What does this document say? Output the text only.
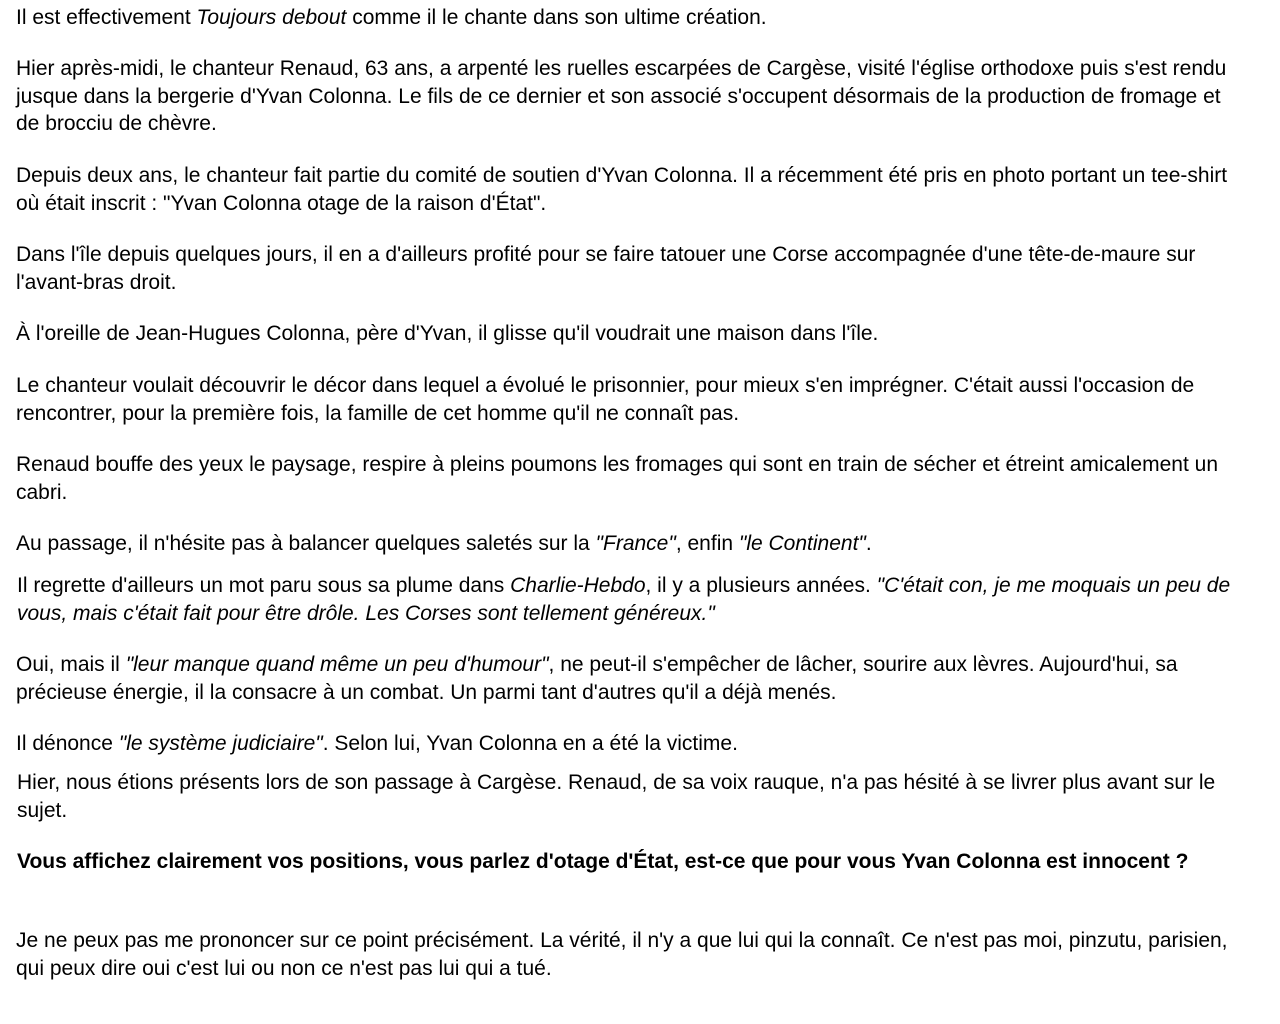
Il est effectivement Toujours debout comme il le chante dans son ultime création.

Hier après-midi, le chanteur Renaud, 63 ans, a arpenté les ruelles escarpées de Cargèse, visité l'église orthodoxe puis s'est rendu jusque dans la bergerie d'Yvan Colonna. Le fils de ce dernier et son associé s'occupent désormais de la production de fromage et de brocciu de chèvre.

Depuis deux ans, le chanteur fait partie du comité de soutien d'Yvan Colonna. Il a récemment été pris en photo portant un tee-shirt où était inscrit : "Yvan Colonna otage de la raison d'État".

Dans l'île depuis quelques jours, il en a d'ailleurs profité pour se faire tatouer une Corse accompagnée d'une tête-de-maure sur l'avant-bras droit.

À l'oreille de Jean-Hugues Colonna, père d'Yvan, il glisse qu'il voudrait une maison dans l'île.

Le chanteur voulait découvrir le décor dans lequel a évolué le prisonnier, pour mieux s'en imprégner. C'était aussi l'occasion de rencontrer, pour la première fois, la famille de cet homme qu'il ne connaît pas.

Renaud bouffe des yeux le paysage, respire à pleins poumons les fromages qui sont en train de sécher et étreint amicalement un cabri.

Au passage, il n'hésite pas à balancer quelques saletés sur la "France", enfin "le Continent".

Il regrette d'ailleurs un mot paru sous sa plume dans Charlie-Hebdo, il y a plusieurs années. "C'était con, je me moquais un peu de vous, mais c'était fait pour être drôle. Les Corses sont tellement généreux."

Oui, mais il "leur manque quand même un peu d'humour", ne peut-il s'empêcher de lâcher, sourire aux lèvres. Aujourd'hui, sa précieuse énergie, il la consacre à un combat. Un parmi tant d'autres qu'il a déjà menés.

Il dénonce "le système judiciaire". Selon lui, Yvan Colonna en a été la victime.

Hier, nous étions présents lors de son passage à Cargèse. Renaud, de sa voix rauque, n'a pas hésité à se livrer plus avant sur le sujet.

Vous affichez clairement vos positions, vous parlez d'otage d'État, est-ce que pour vous Yvan Colonna est innocent ?

Je ne peux pas me prononcer sur ce point précisément. La vérité, il n'y a que lui qui la connaît. Ce n'est pas moi, pinzutu, parisien, qui peux dire oui c'est lui ou non ce n'est pas lui qui a tué.
